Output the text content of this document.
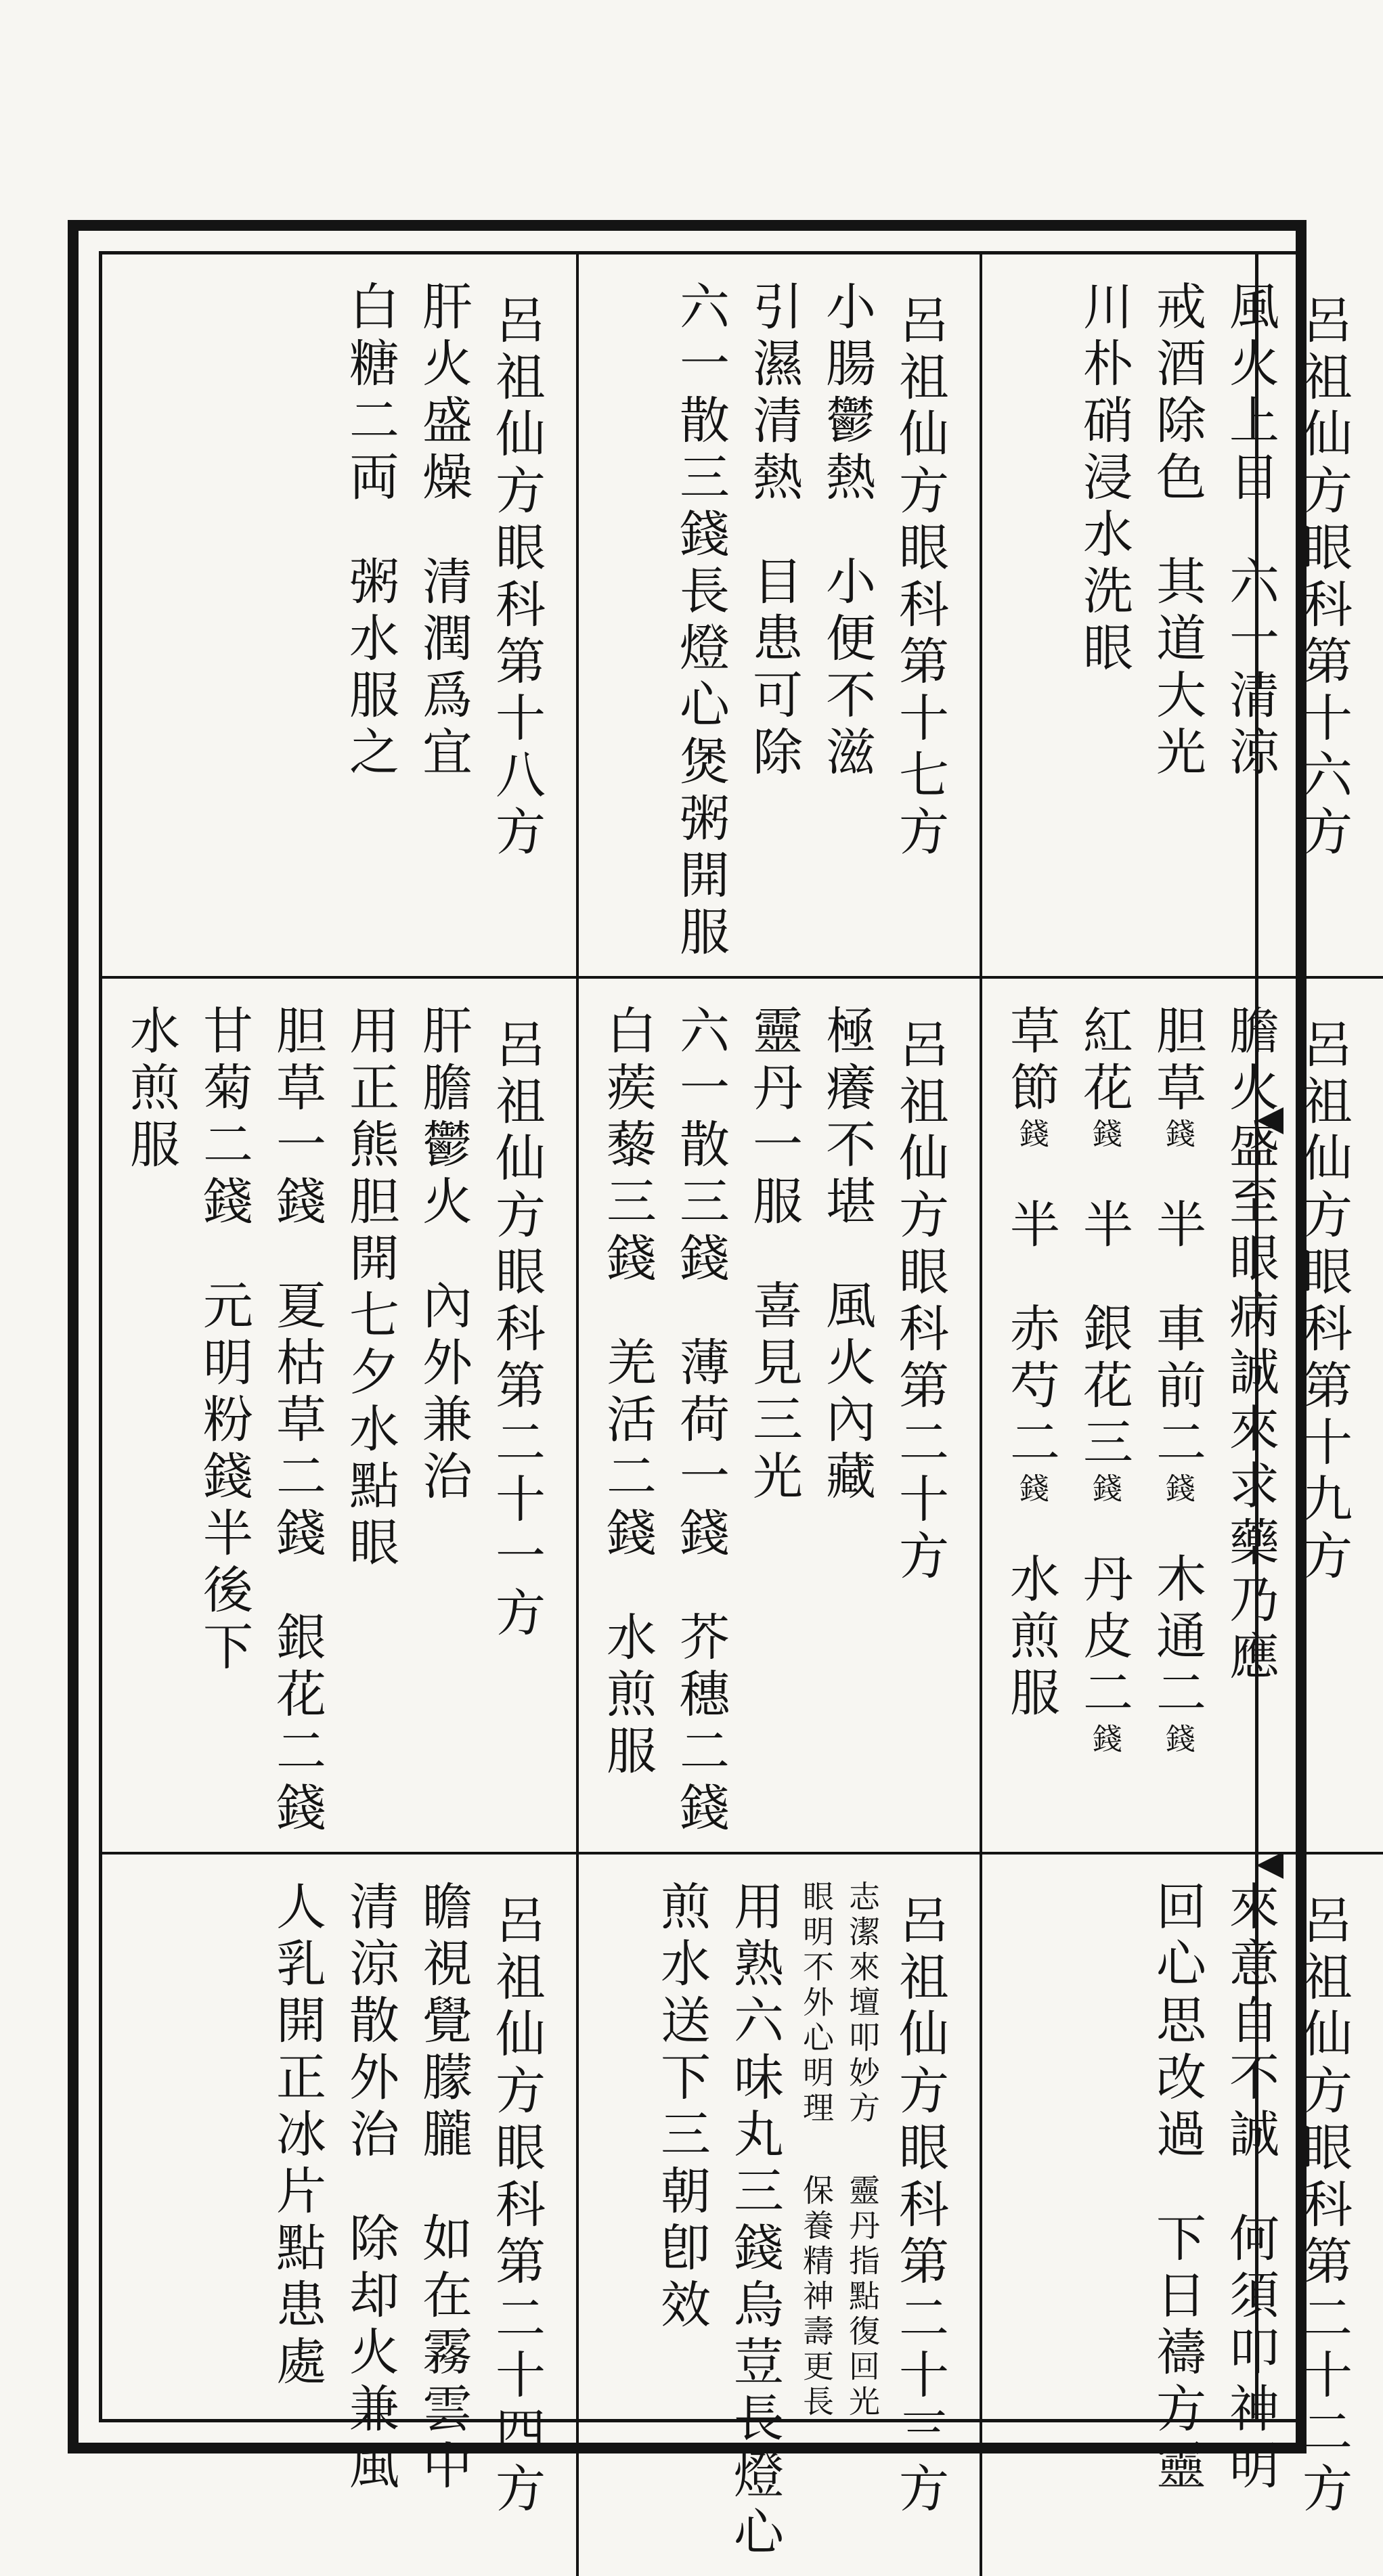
呂祖仙方眼科第十八方
肝火盛燥清潤爲宜
白糖二両粥水服之	呂祖仙方眼科第十七方
小腸鬱熱小便不滋
引濕清熱目患可除
六一散三錢長燈心煲粥開服	呂祖仙方眼科第十六方
風火上目六一清涼
戒酒除色其道大光
川朴硝浸水洗眼
呂祖仙方眼科第二十一方
肝膽鬱火內外兼治
用正熊胆開七夕水點眼
胆草一錢夏枯草二錢銀花二錢
甘菊二錢元明粉錢半後下
水煎服	呂祖仙方眼科第二十方
極癢不堪風火內藏
靈丹一服喜見三光
六一散三錢薄荷一錢芥穗二錢
白蒺藜三錢羌活二錢水煎服
呂祖仙方眼科第十九方
膽火盛至眼病誠來求藥乃應
胆草錢半車前二錢木通二錢
紅花錢半銀花三錢丹皮二錢
草節錢半赤芍二錢水煎服
呂祖仙方眼科第二十四方
瞻視覺朦朧如在霧雲中
清涼散外治除却火兼風
人乳開正冰片點患處	呂祖仙方眼科第二十三方
志潔來壇叩妙方靈丹指點復回光
眼明不外心明理保養精神壽更長
用熟六味丸三錢烏荳長燈心
煎水送下三朝卽效	呂祖仙方眼科第二十二方
來意自不誠何須叩神明
回心思改過下日禱方靈
